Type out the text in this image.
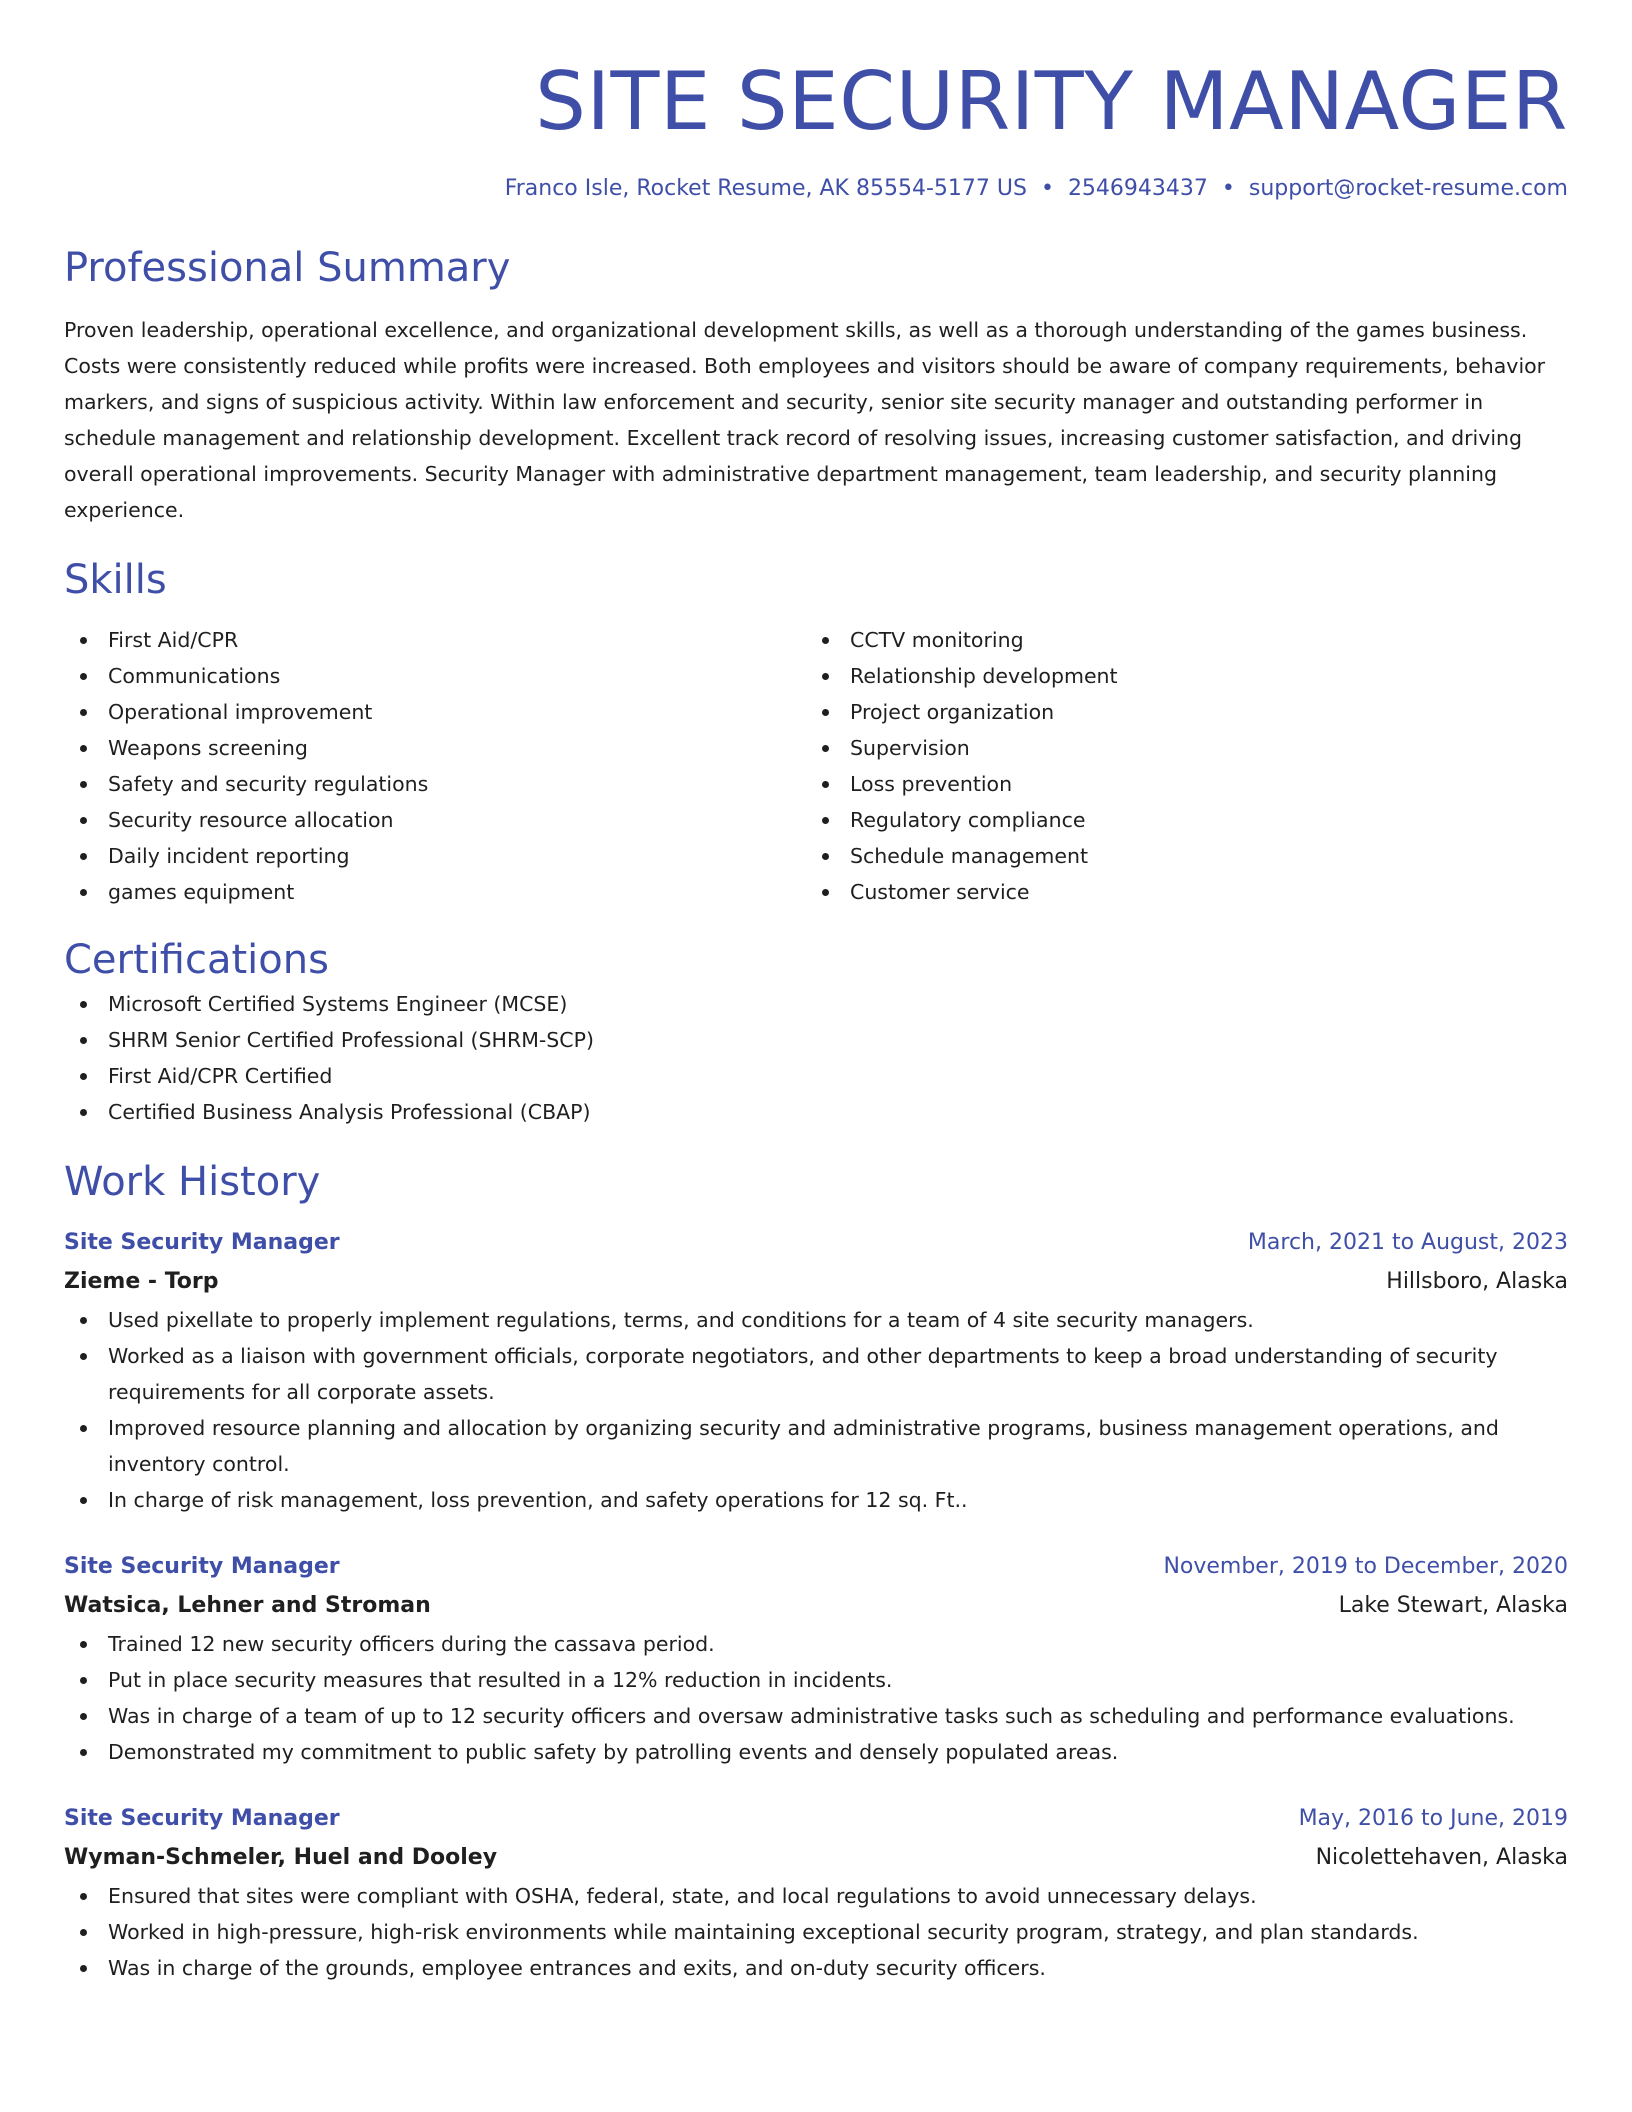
SITE SECURITY MANAGER
Franco Isle, Rocket Resume, AK 85554-5177 US • 2546943437 • support@rocket-resume.com
Professional Summary

Proven leadership, operational excellence, and organizational development skills, as well as a thorough understanding of the games business. Costs were consistently reduced while profits were increased. Both employees and visitors should be aware of company requirements, behavior markers, and signs of suspicious activity. Within law enforcement and security, senior site security manager and outstanding performer in schedule management and relationship development. Excellent track record of resolving issues, increasing customer satisfaction, and driving overall operational improvements. Security Manager with administrative department management, team leadership, and security planning experience.

Skills
First Aid/CPR
Communications
Operational improvement
Weapons screening
Safety and security regulations
Security resource allocation
Daily incident reporting
games equipment
CCTV monitoring
Relationship development
Project organization
Supervision
Loss prevention
Regulatory compliance
Schedule management
Customer service
Certifications
Microsoft Certified Systems Engineer (MCSE)
SHRM Senior Certified Professional (SHRM-SCP)
First Aid/CPR Certified
Certified Business Analysis Professional (CBAP)
Work History
Site Security Manager	March, 2021 to August, 2023
Zieme - Torp	Hillsboro, Alaska
Used pixellate to properly implement regulations, terms, and conditions for a team of 4 site security managers.
Worked as a liaison with government officials, corporate negotiators, and other departments to keep a broad understanding of security requirements for all corporate assets.
Improved resource planning and allocation by organizing security and administrative programs, business management operations, and inventory control.
In charge of risk management, loss prevention, and safety operations for 12 sq. Ft..
Site Security Manager	November, 2019 to December, 2020
Watsica, Lehner and Stroman	Lake Stewart, Alaska
Trained 12 new security officers during the cassava period.
Put in place security measures that resulted in a 12% reduction in incidents.
Was in charge of a team of up to 12 security officers and oversaw administrative tasks such as scheduling and performance evaluations.
Demonstrated my commitment to public safety by patrolling events and densely populated areas.
Site Security Manager	May, 2016 to June, 2019
Wyman-Schmeler, Huel and Dooley	Nicolettehaven, Alaska
Ensured that sites were compliant with OSHA, federal, state, and local regulations to avoid unnecessary delays.
Worked in high-pressure, high-risk environments while maintaining exceptional security program, strategy, and plan standards.
Was in charge of the grounds, employee entrances and exits, and on-duty security officers.
